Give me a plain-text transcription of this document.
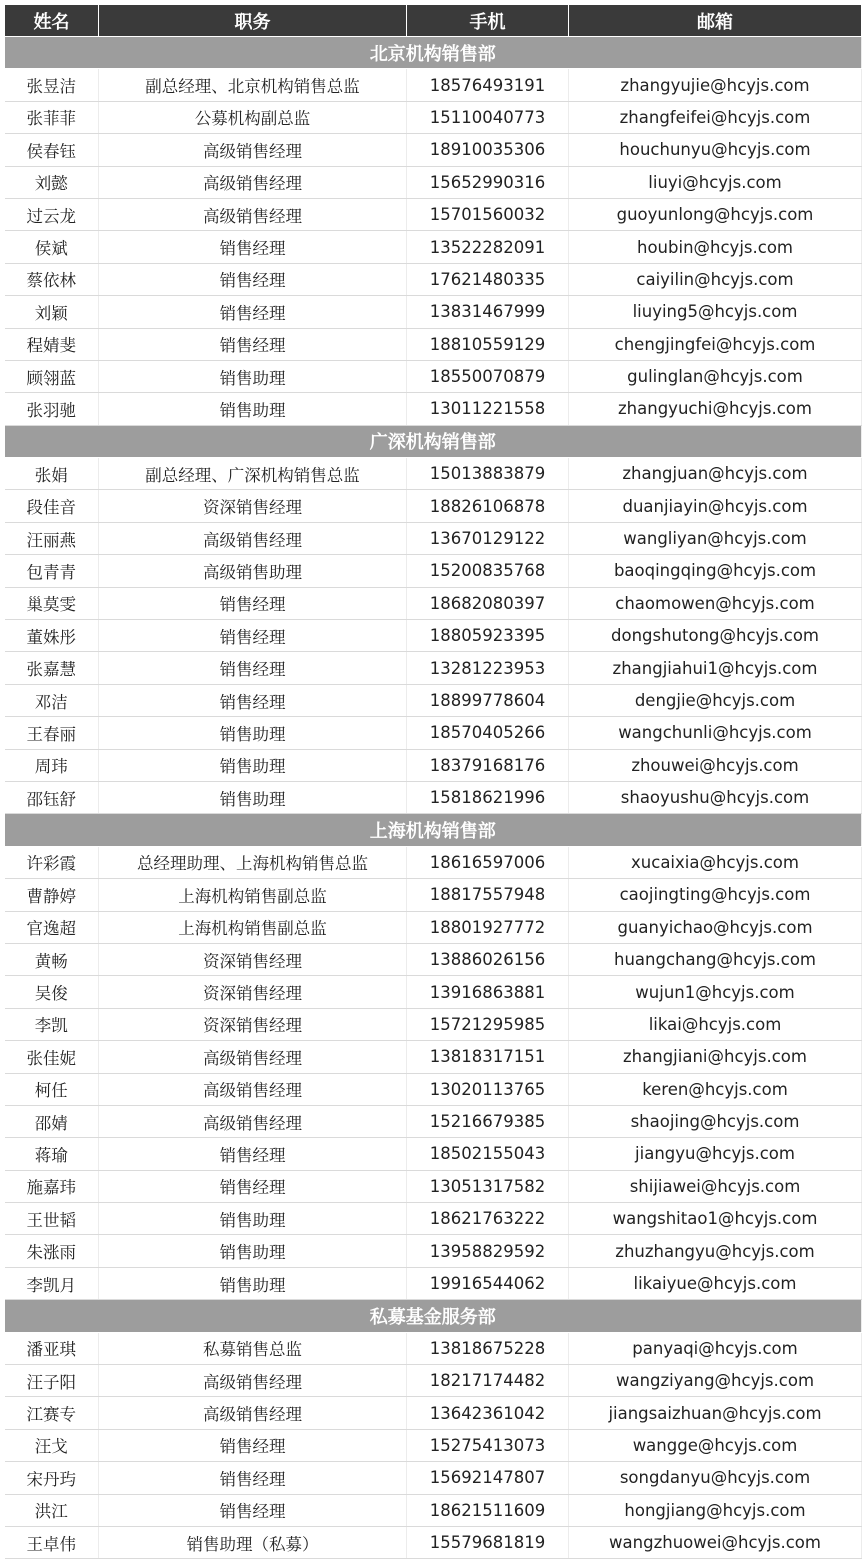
姓名	职务	手机	邮箱
北京机构销售部			
张昱洁	副总经理、北京机构销售总监	18576493191	zhangyujie@hcyjs.com
张菲菲	公募机构副总监	15110040773	zhangfeifei@hcyjs.com
侯春钰	高级销售经理	18910035306	houchunyu@hcyjs.com
刘懿	高级销售经理	15652990316	liuyi@hcyjs.com
过云龙	高级销售经理	15701560032	guoyunlong@hcyjs.com
侯斌	销售经理	13522282091	houbin@hcyjs.com
蔡依林	销售经理	17621480335	caiyilin@hcyjs.com
刘颖	销售经理	13831467999	liuying5@hcyjs.com
程婧斐	销售经理	18810559129	chengjingfei@hcyjs.com
顾翎蓝	销售助理	18550070879	gulinglan@hcyjs.com
张羽驰	销售助理	13011221558	zhangyuchi@hcyjs.com
广深机构销售部			
张娟	副总经理、广深机构销售总监	15013883879	zhangjuan@hcyjs.com
段佳音	资深销售经理	18826106878	duanjiayin@hcyjs.com
汪丽燕	高级销售经理	13670129122	wangliyan@hcyjs.com
包青青	高级销售助理	15200835768	baoqingqing@hcyjs.com
巢莫雯	销售经理	18682080397	chaomowen@hcyjs.com
董姝彤	销售经理	18805923395	dongshutong@hcyjs.com
张嘉慧	销售经理	13281223953	zhangjiahui1@hcyjs.com
邓洁	销售经理	18899778604	dengjie@hcyjs.com
王春丽	销售助理	18570405266	wangchunli@hcyjs.com
周玮	销售助理	18379168176	zhouwei@hcyjs.com
邵钰舒	销售助理	15818621996	shaoyushu@hcyjs.com
上海机构销售部			
许彩霞	总经理助理、上海机构销售总监	18616597006	xucaixia@hcyjs.com
曹静婷	上海机构销售副总监	18817557948	caojingting@hcyjs.com
官逸超	上海机构销售副总监	18801927772	guanyichao@hcyjs.com
黄畅	资深销售经理	13886026156	huangchang@hcyjs.com
吴俊	资深销售经理	13916863881	wujun1@hcyjs.com
李凯	资深销售经理	15721295985	likai@hcyjs.com
张佳妮	高级销售经理	13818317151	zhangjiani@hcyjs.com
柯任	高级销售经理	13020113765	keren@hcyjs.com
邵婧	高级销售经理	15216679385	shaojing@hcyjs.com
蒋瑜	销售经理	18502155043	jiangyu@hcyjs.com
施嘉玮	销售经理	13051317582	shijiawei@hcyjs.com
王世韬	销售助理	18621763222	wangshitao1@hcyjs.com
朱涨雨	销售助理	13958829592	zhuzhangyu@hcyjs.com
李凯月	销售助理	19916544062	likaiyue@hcyjs.com
私募基金服务部			
潘亚琪	私募销售总监	13818675228	panyaqi@hcyjs.com
汪子阳	高级销售经理	18217174482	wangziyang@hcyjs.com
江赛专	高级销售经理	13642361042	jiangsaizhuan@hcyjs.com
汪戈	销售经理	15275413073	wangge@hcyjs.com
宋丹玙	销售经理	15692147807	songdanyu@hcyjs.com
洪江	销售经理	18621511609	hongjiang@hcyjs.com
王卓伟	销售助理（私募）	15579681819	wangzhuowei@hcyjs.com
